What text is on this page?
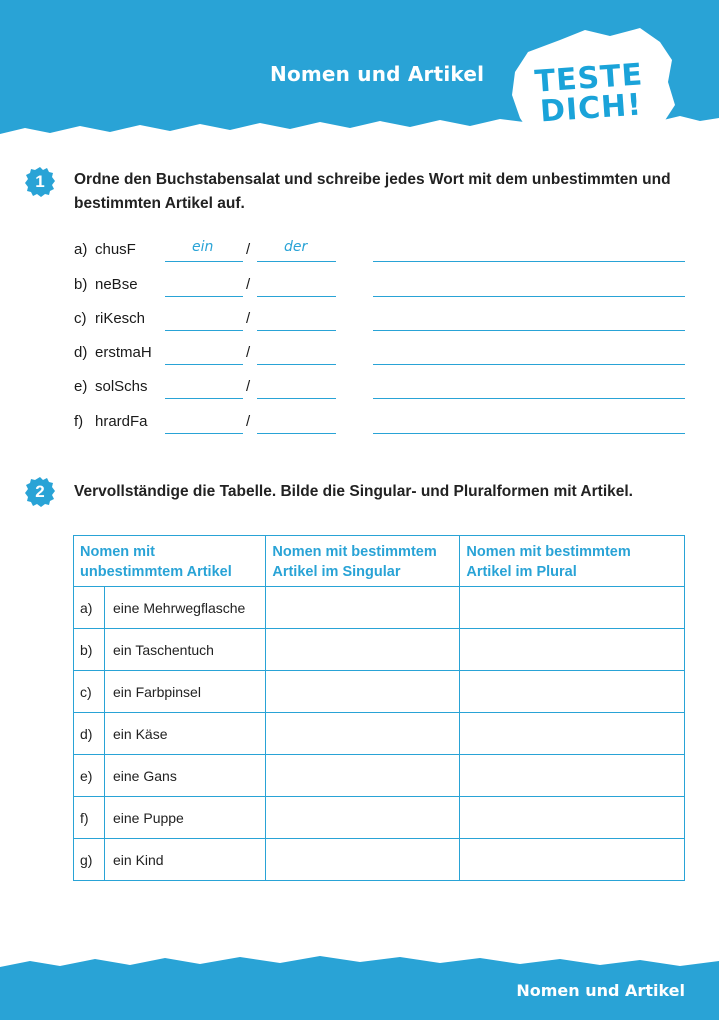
Nomen und Artikel	TESTE
DICH!
1	Ordne den Buchstabensalat und schreibe jedes Wort mit dem unbestimmten und bestimmten Artikel auf.
a) chusF	ein / der
b) neBse	/
c) riKesch	/
d) erstmaH	/
e) solSchs	/
f) hrardFa	/
2	Vervollständige die Tabelle. Bilde die Singular- und Pluralformen mit Artikel.
Nomen mit unbestimmtem Artikel		Nomen mit bestimmtem Artikel im Singular	Nomen mit bestimmtem Artikel im Plural
a)	eine Mehrwegflasche		
b)	ein Taschentuch		
c)	ein Farbpinsel		
d)	ein Käse		
e)	eine Gans		
f)	eine Puppe		
g)	ein Kind		
Nomen und Artikel
